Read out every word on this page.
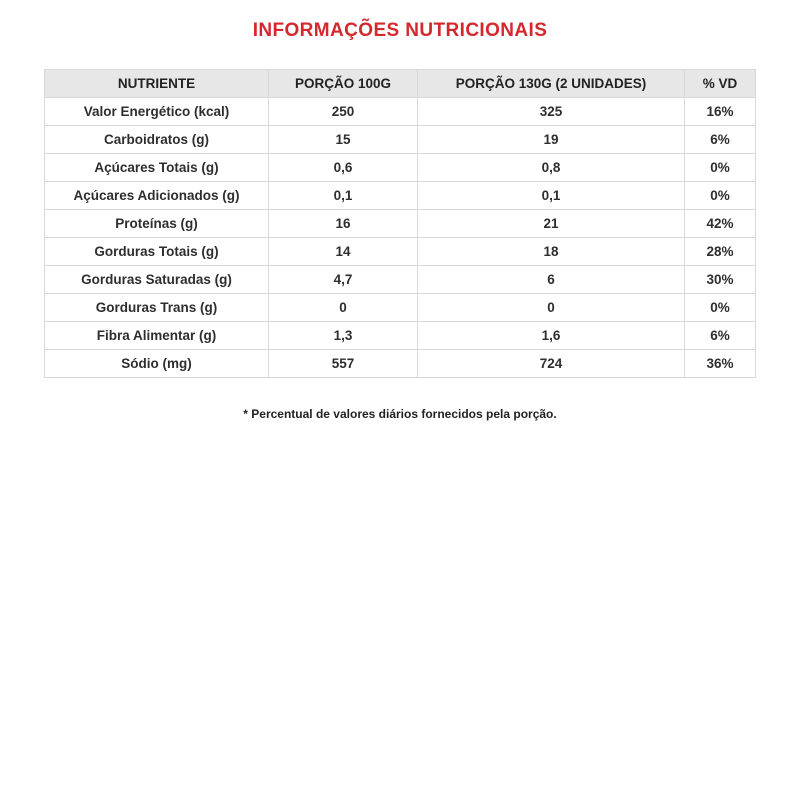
INFORMAÇÕES NUTRICIONAIS
NUTRIENTE	PORÇÃO 100G	PORÇÃO 130G (2 UNIDADES)	% VD
Valor Energético (kcal)	250	325	16%
Carboidratos (g)	15	19	6%
Açúcares Totais (g)	0,6	0,8	0%
Açúcares Adicionados (g)	0,1	0,1	0%
Proteínas (g)	16	21	42%
Gorduras Totais (g)	14	18	28%
Gorduras Saturadas (g)	4,7	6	30%
Gorduras Trans (g)	0	0	0%
Fibra Alimentar (g)	1,3	1,6	6%
Sódio (mg)	557	724	36%
* Percentual de valores diários fornecidos pela porção.
